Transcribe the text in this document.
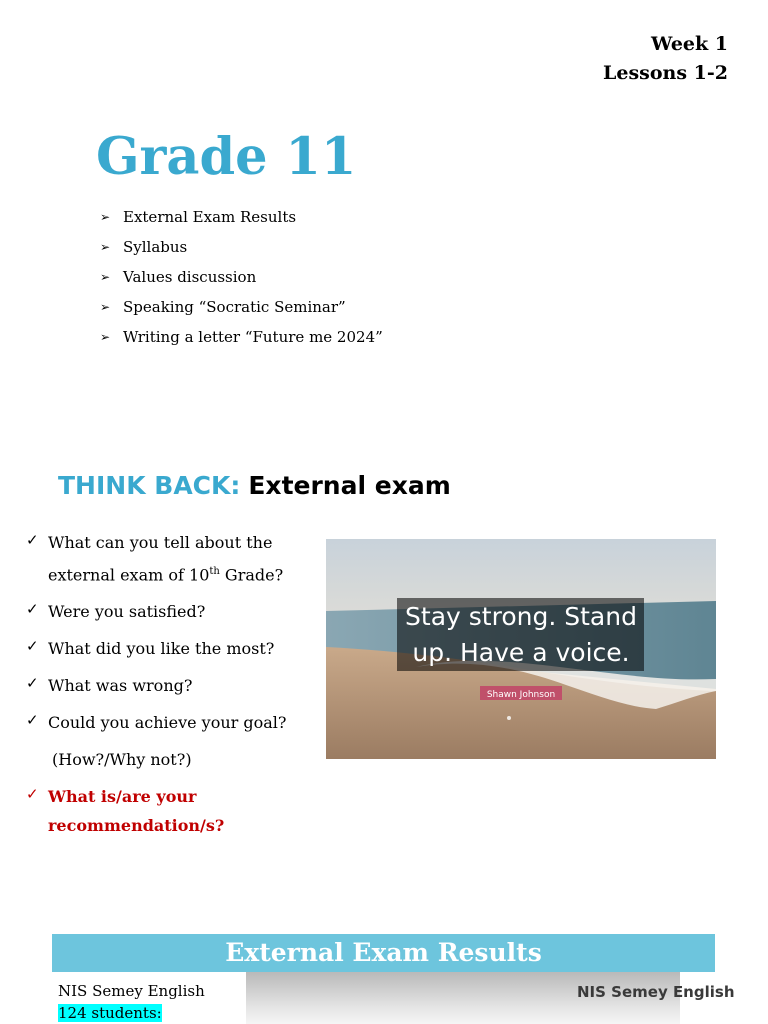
Week 1
Lessons 1-2
Grade 11
➢ External Exam Results
➢ Syllabus
➢ Values discussion
➢ Speaking “Socratic Seminar”
➢ Writing a letter “Future me 2024”
THINK BACK: External exam
✓ What can you tell about the external exam of 10th Grade?
✓ Were you satisfied?
✓ What did you like the most?
✓ What was wrong?
✓ Could you achieve your goal?
(How?/Why not?)
✓ What is/are your recommendation/s?
Stay strong. Stand
up. Have a voice.
Shawn Johnson
External Exam Results
NIS Semey English
124 students:
NIS Semey English
